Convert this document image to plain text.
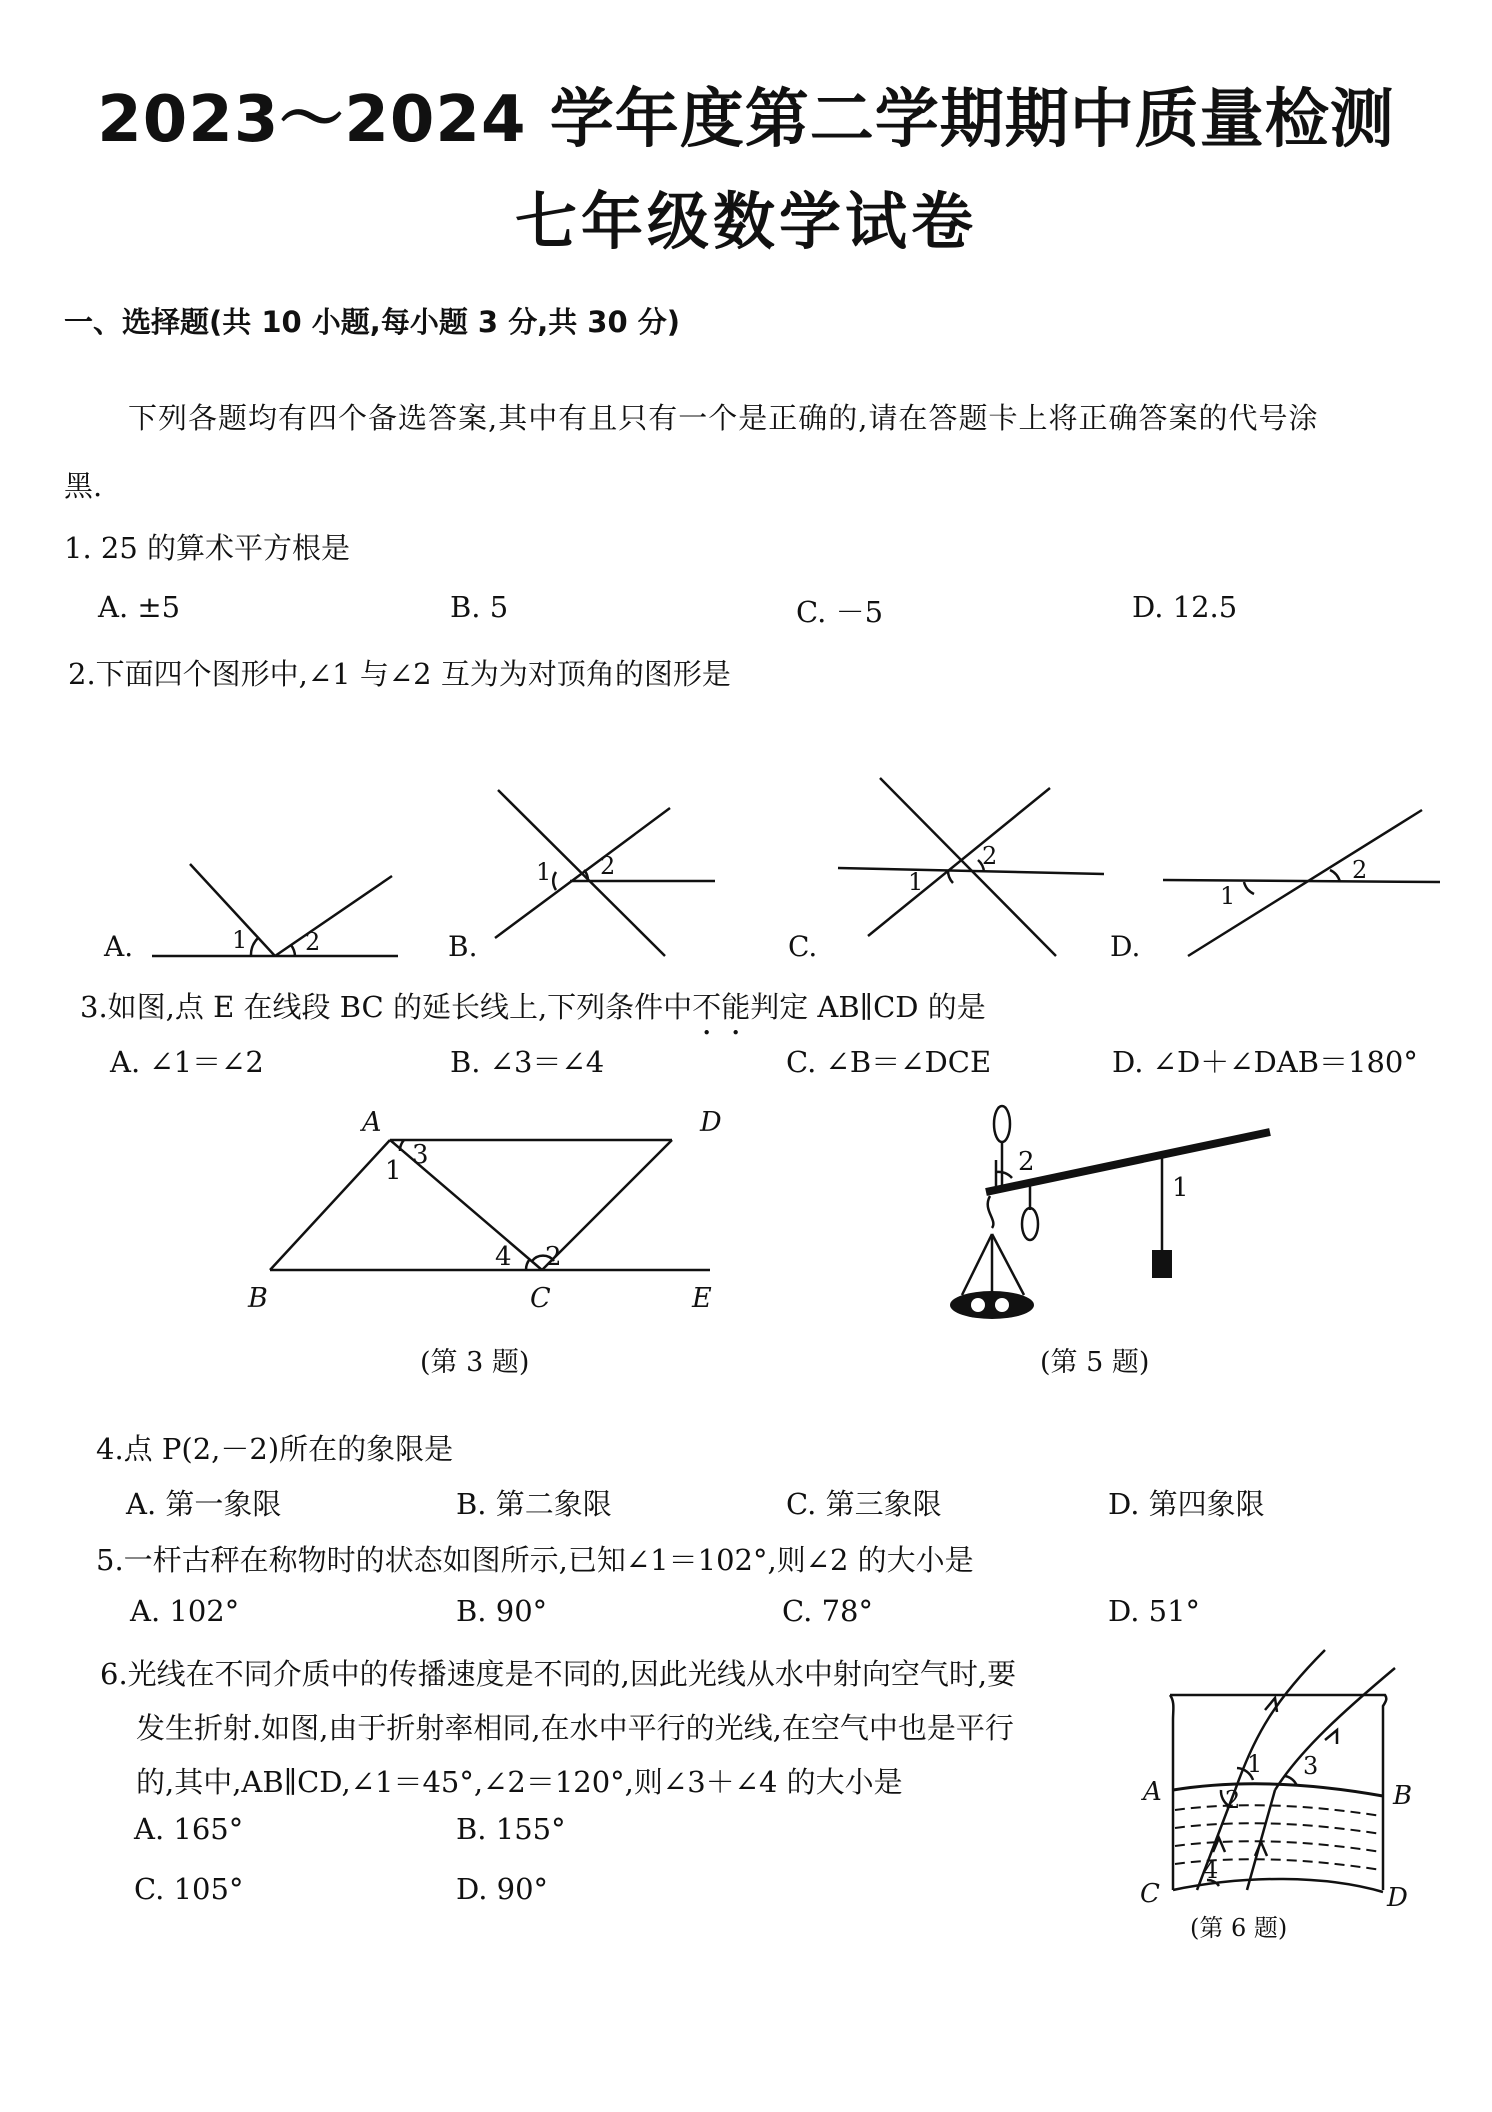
2023～2024 学年度第二学期期中质量检测
七年级数学试卷
一、选择题(共 10 小题,每小题 3 分,共 30 分)
下列各题均有四个备选答案,其中有且只有一个是正确的,请在答题卡上将正确答案的代号涂
黑.
1. 25 的算术平方根是
A. ±5	B. 5	C. －5	D. 12.5
2.下面四个图形中,∠1 与∠2 互为为对顶角的图形是
A.	1 2	B.
1 2
C.
1
2
D.
1
2
3.如图,点 E 在线段 BC 的延长线上,下列条件中不能判定 AB∥CD 的是
A. ∠1＝∠2	B. ∠3＝∠4	C. ∠B＝∠DCE	D. ∠D＋∠DAB＝180°
A	D
B	C	E
1
2
3
4
(第 3 题)
1
2
(第 5 题)
4.点 P(2,－2)所在的象限是
A. 第一象限	B. 第二象限	C. 第三象限	D. 第四象限
5.一杆古秤在称物时的状态如图所示,已知∠1＝102°,则∠2 的大小是
A. 102°	B. 90°	C. 78°	D. 51°
6.光线在不同介质中的传播速度是不同的,因此光线从水中射向空气时,要
发生折射.如图,由于折射率相同,在水中平行的光线,在空气中也是平行
的,其中,AB∥CD,∠1＝45°,∠2＝120°,则∠3＋∠4 的大小是
A. 165°	B. 155°
C. 105°	D. 90°
A	B
C	D
1
2
3
4
(第 6 题)
